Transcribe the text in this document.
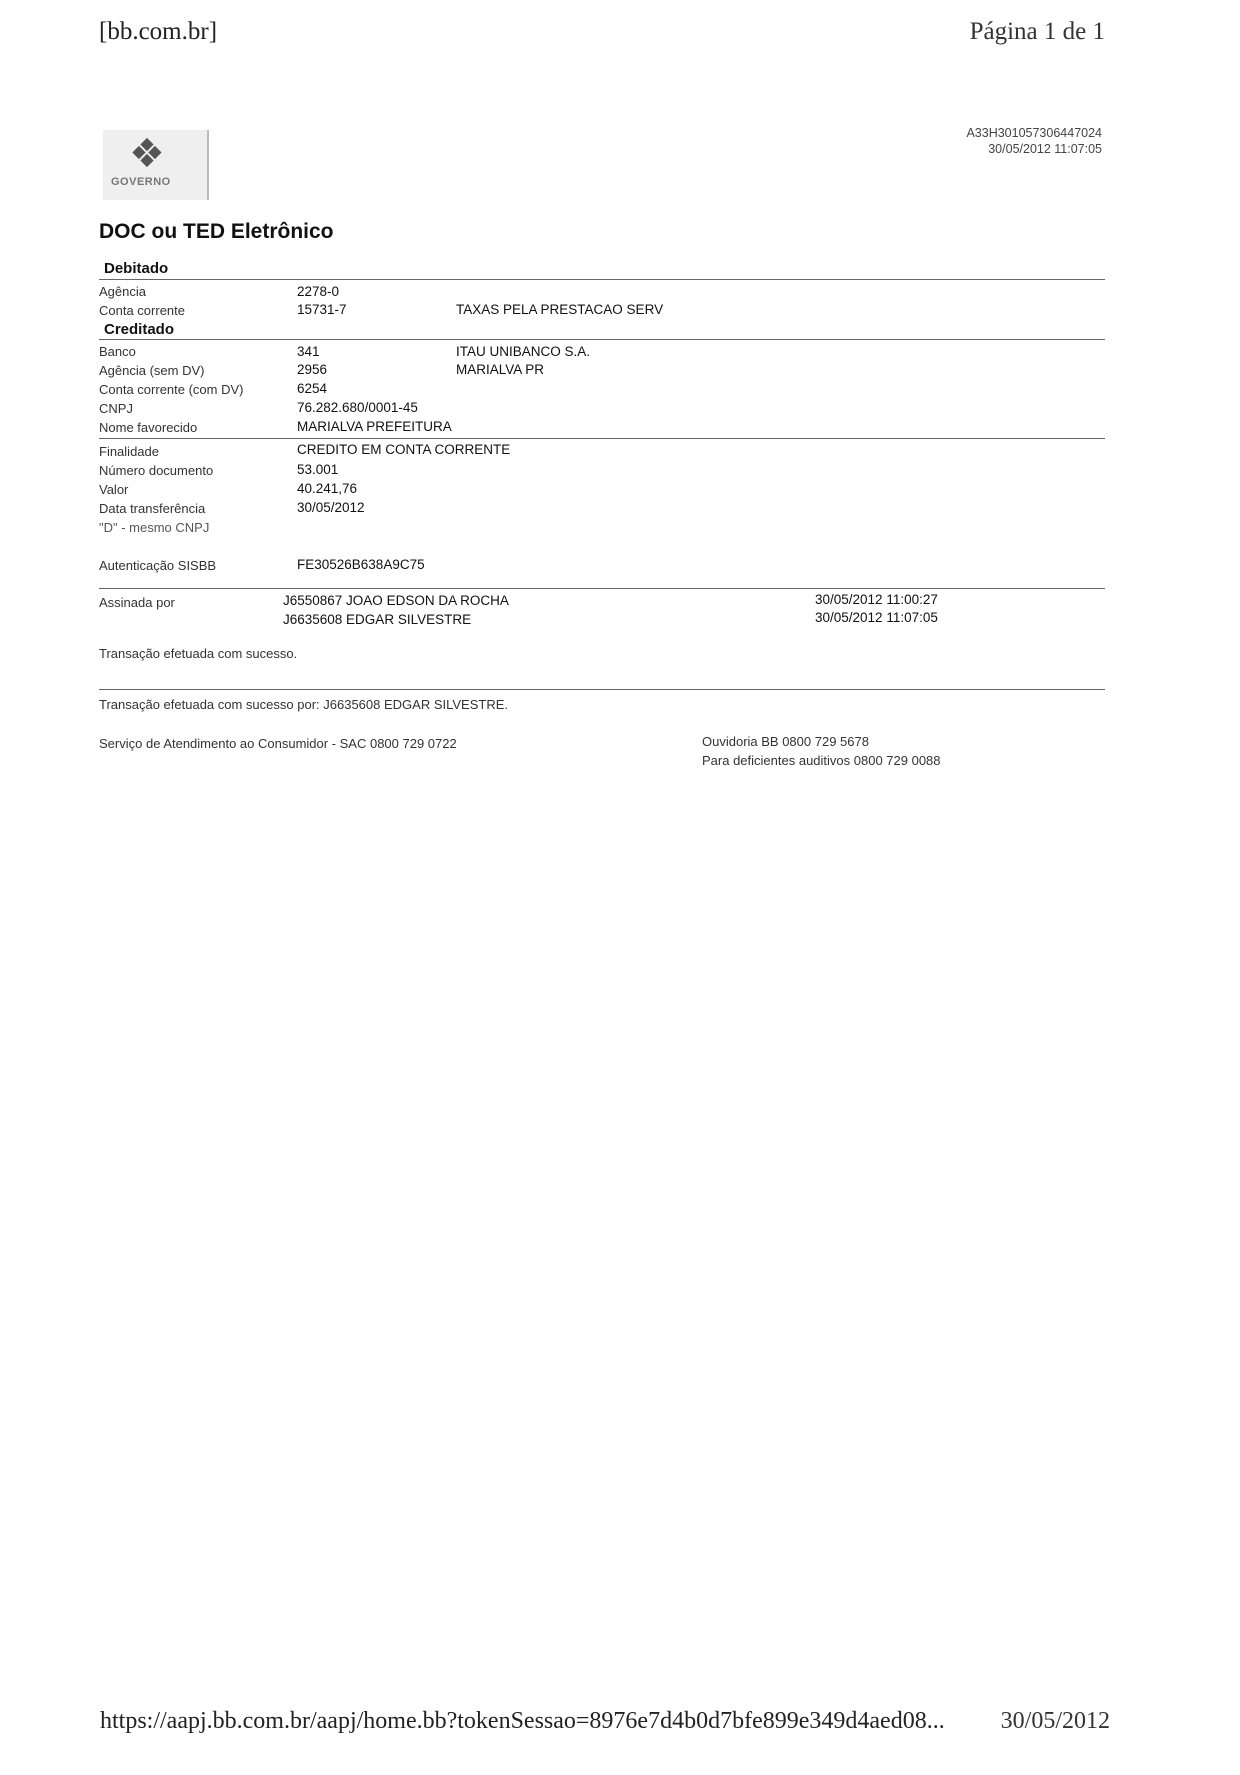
[bb.com.br]	Página 1 de 1
❖
GOVERNO
A33H301057306447024
30/05/2012 11:07:05
DOC ou TED Eletrônico
Debitado
Agência	2278-0
Conta corrente	15731-7	TAXAS PELA PRESTACAO SERV
Creditado
Banco	341	ITAU UNIBANCO S.A.
Agência (sem DV)	2956	MARIALVA PR
Conta corrente (com DV)	6254
CNPJ	76.282.680/0001-45
Nome favorecido	MARIALVA PREFEITURA
Finalidade	CREDITO EM CONTA CORRENTE
Número documento	53.001
Valor	40.241,76
Data transferência	30/05/2012
"D" - mesmo CNPJ
Autenticação SISBB	FE30526B638A9C75
Assinada por	J6550867 JOAO EDSON DA ROCHA	30/05/2012 11:00:27
J6635608 EDGAR SILVESTRE	30/05/2012 11:07:05
Transação efetuada com sucesso.
Transação efetuada com sucesso por: J6635608 EDGAR SILVESTRE.
Serviço de Atendimento ao Consumidor - SAC 0800 729 0722	Ouvidoria BB 0800 729 5678
Para deficientes auditivos 0800 729 0088
https://aapj.bb.com.br/aapj/home.bb?tokenSessao=8976e7d4b0d7bfe899e349d4aed08... 30/05/2012
